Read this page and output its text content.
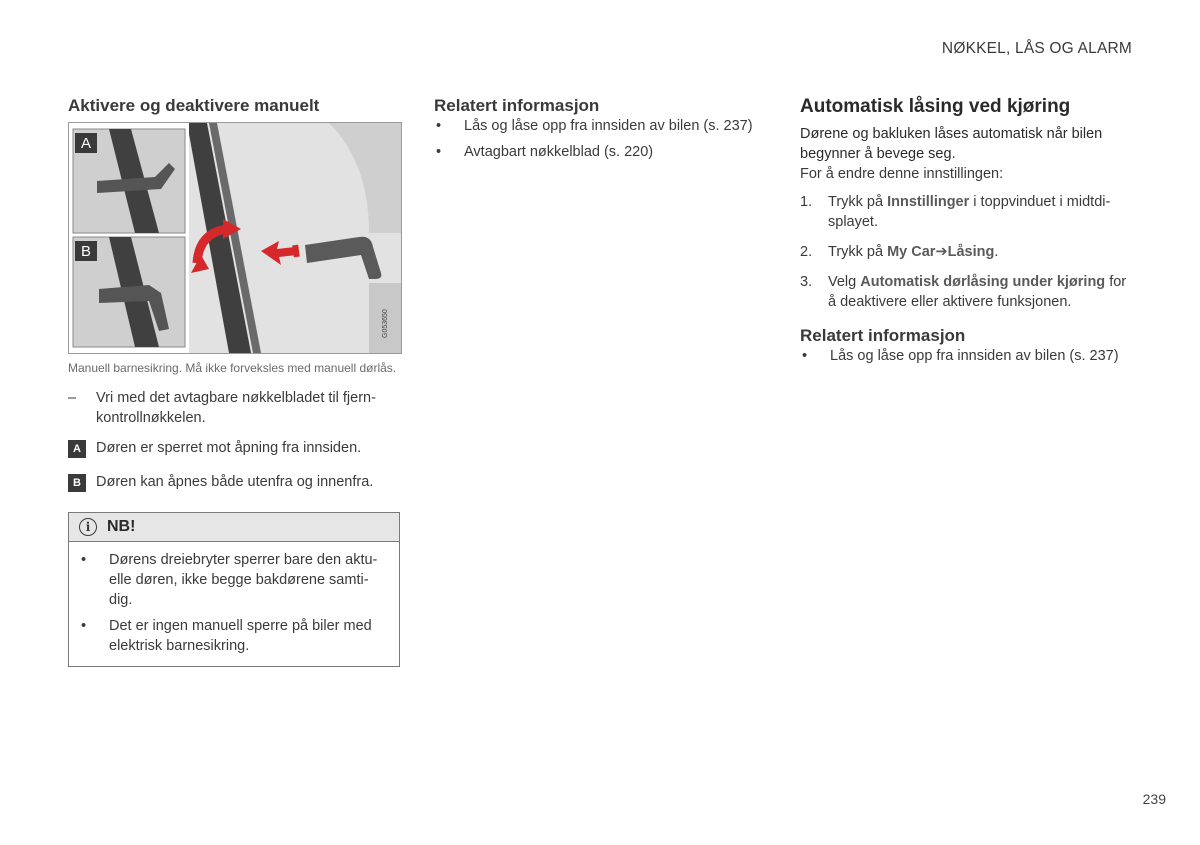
NØKKEL, LÅS OG ALARM
Aktivere og deaktivere manuelt
A
B
G053650
Manuell barnesikring. Må ikke forveksles med manuell dørlås.
–	Vri med det avtagbare nøkkelbladet til fjern-kontrollnøkkelen.
A	Døren er sperret mot åpning fra innsiden.
B	Døren kan åpnes både utenfra og innenfra.
i	NB!
•	Dørens dreiebryter sperrer bare den aktu-elle døren, ikke begge bakdørene samti-dig.
•	Det er ingen manuell sperre på biler med elektrisk barnesikring.
Relatert informasjon
•	Lås og låse opp fra innsiden av bilen (s. 237)
•	Avtagbart nøkkelblad (s. 220)
Automatisk låsing ved kjøring
Dørene og bakluken låses automatisk når bilen begynner å bevege seg.
For å endre denne innstillingen:
1.	Trykk på Innstillinger i toppvinduet i midtdi-splayet.
2.	Trykk på My Car➔Låsing.
3.	Velg Automatisk dørlåsing under kjøring for å deaktivere eller aktivere funksjonen.
Relatert informasjon
•	Lås og låse opp fra innsiden av bilen (s. 237)
239
